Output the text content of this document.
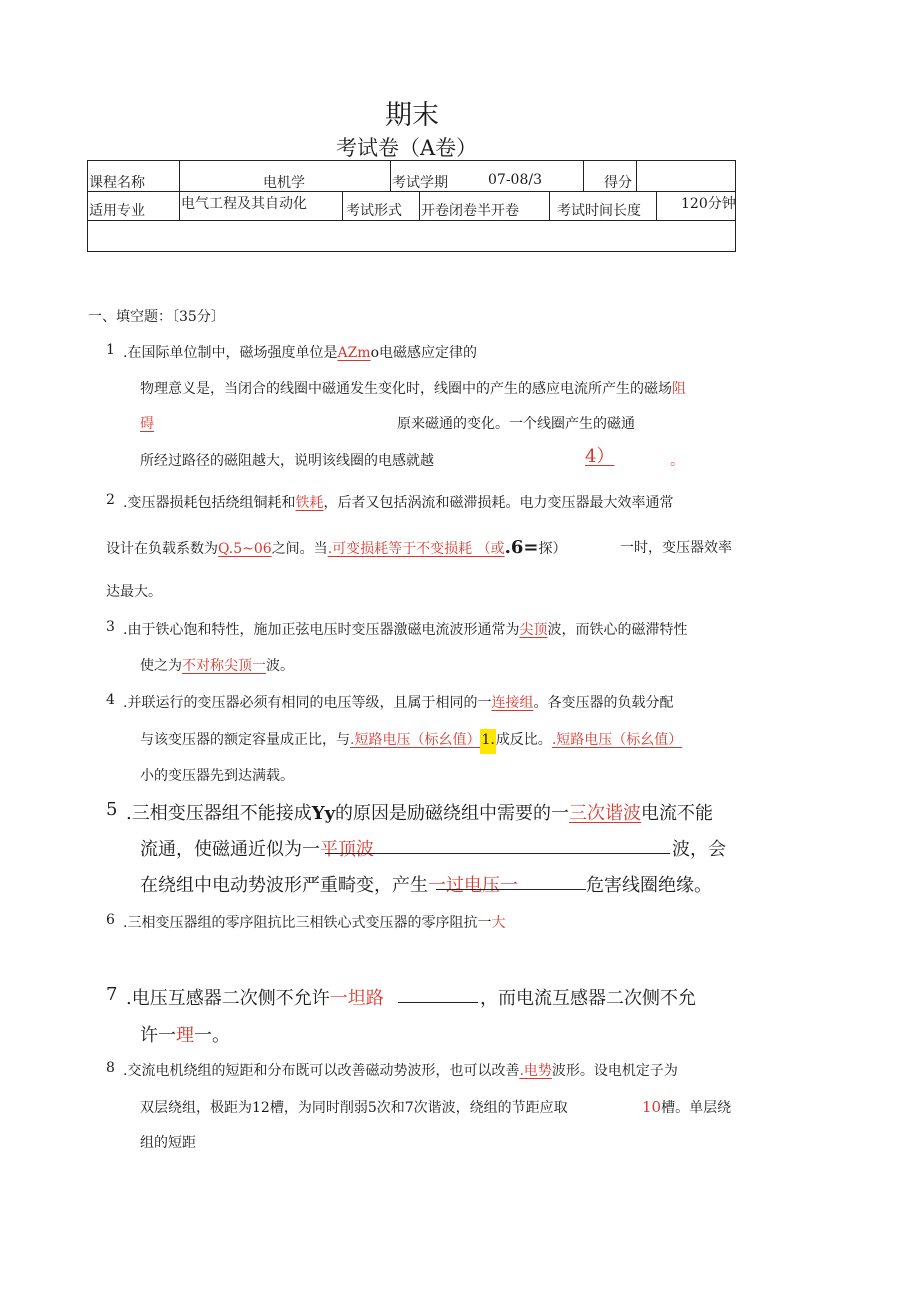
期末
考试卷（A卷）
课程名称	电机学	考试学期	07-08/3	得分
适用专业	电气工程及其自动化	考试形式 开卷闭卷半开卷	考试时间长度	120分钟
一、填空题：〔35分〕
1 .在国际单位制中，磁场强度单位是AZmo电磁感应定律的
物理意义是，当闭合的线圈中磁通发生变化时，线圈中的产生的感应电流所产生的磁场阻
碍	原来磁通的变化。一个线圈产生的磁通
所经过路径的磁阻越大，说明该线圈的电感就越	4）	。
2 .变压器损耗包括绕组铜耗和铁耗，后者又包括涡流和磁滞损耗。电力变压器最大效率通常
设计在负载系数为Q.5~06之间。当.可变损耗等于不变损耗 （或.6=探）	一时，变压器效率
达最大。
3 .由于铁心饱和特性，施加正弦电压时变压器激磁电流波形通常为尖顶波，而铁心的磁滞特性
使之为不对称尖顶一波。
4 .并联运行的变压器必须有相同的电压等级，且属于相同的一连接组。各变压器的负载分配
与该变压器的额定容量成正比，与.短路电压（标幺值）1.成反比。.短路电压（标幺值）
小的变压器先到达满载。
5 .三相变压器组不能接成Yy的原因是励磁绕组中需要的一三次谐波电流不能
流通，使磁通近似为一平顶波	波，会
在绕组中电动势波形严重畸变，产生一过电压一	危害线圈绝缘。
6 .三相变压器组的零序阻抗比三相铁心式变压器的零序阻抗一大
7 .电压互感器二次侧不允许一坦路	，而电流互感器二次侧不允
许一理一。
8 .交流电机绕组的短距和分布既可以改善磁动势波形，也可以改善.电势波形。设电机定子为
双层绕组，极距为12槽，为同时削弱5次和7次谐波，绕组的节距应取	10槽。单层绕
组的短距
